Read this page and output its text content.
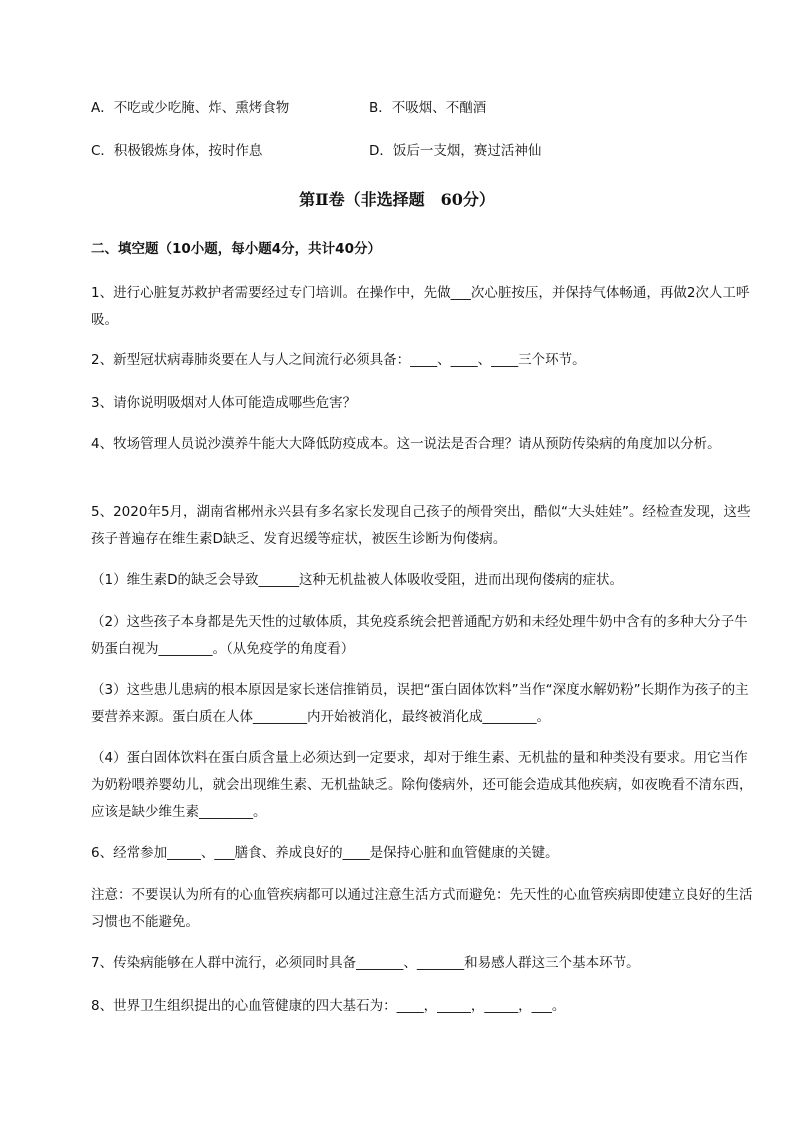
A．不吃或少吃腌、炸、熏烤食物	B．不吸烟、不酗酒
C．积极锻炼身体，按时作息	D．饭后一支烟，赛过活神仙
第Ⅱ卷（非选择题　60分）
二、填空题（10小题，每小题4分，共计40分）
1、进行心脏复苏救护者需要经过专门培训。在操作中，先做___次心脏按压，并保持气体畅通，再做2次人工呼吸。
2、新型冠状病毒肺炎要在人与人之间流行必须具备：____、____、____三个环节。
3、请你说明吸烟对人体可能造成哪些危害？
4、牧场管理人员说沙漠养牛能大大降低防疫成本。这一说法是否合理？请从预防传染病的角度加以分析。
5、2020年5月，湖南省郴州永兴县有多名家长发现自己孩子的颅骨突出，酷似“大头娃娃”。经检查发现，这些孩子普遍存在维生素D缺乏、发育迟缓等症状，被医生诊断为佝偻病。
（1）维生素D的缺乏会导致______这种无机盐被人体吸收受阻，进而出现佝偻病的症状。
（2）这些孩子本身都是先天性的过敏体质，其免疫系统会把普通配方奶和未经处理牛奶中含有的多种大分子牛奶蛋白视为________。（从免疫学的角度看）
（3）这些患儿患病的根本原因是家长迷信推销员，误把“蛋白固体饮料”当作“深度水解奶粉”长期作为孩子的主要营养来源。蛋白质在人体________内开始被消化，最终被消化成________。
（4）蛋白固体饮料在蛋白质含量上必须达到一定要求，却对于维生素、无机盐的量和种类没有要求。用它当作为奶粉喂养婴幼儿，就会出现维生素、无机盐缺乏。除佝偻病外，还可能会造成其他疾病，如夜晚看不清东西，应该是缺少维生素________。
6、经常参加_____、___膳食、养成良好的____是保持心脏和血管健康的关键。
注意：不要误认为所有的心血管疾病都可以通过注意生活方式而避免：先天性的心血管疾病即使建立良好的生活习惯也不能避免。
7、传染病能够在人群中流行，必须同时具备_______、_______和易感人群这三个基本环节。
8、世界卫生组织提出的心血管健康的四大基石为：____，_____，_____，___。
